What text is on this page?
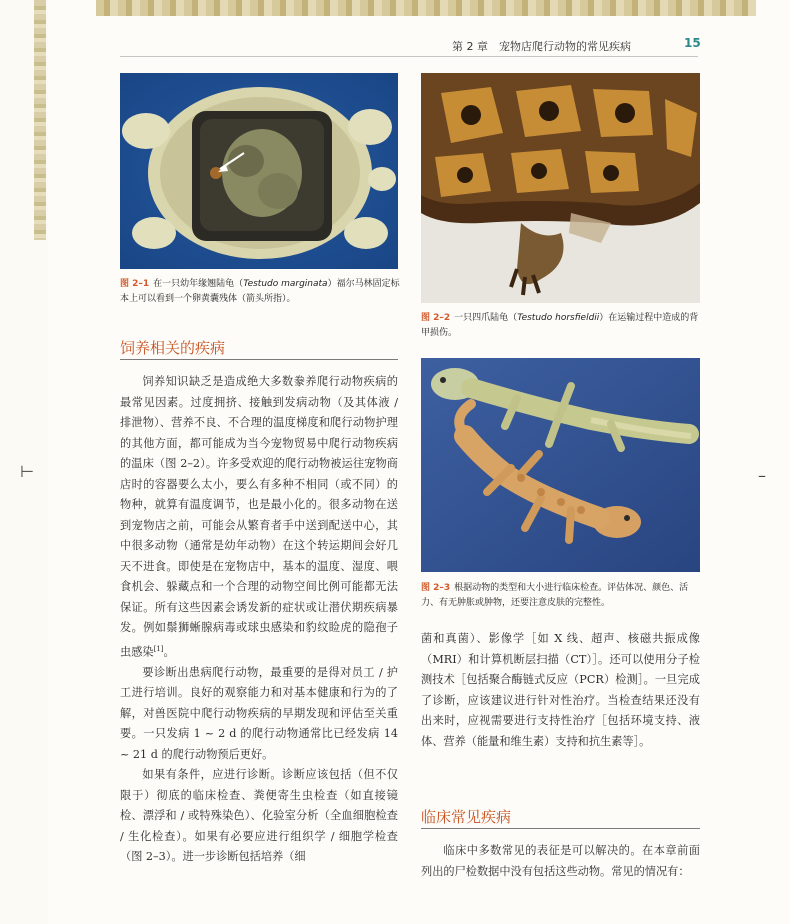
⊢	–
第 2 章　宠物店爬行动物的常见疾病	15
图 2–1 在一只幼年缘翘陆龟（Testudo marginata）福尔马林固定标本上可以看到一个卵黄囊残体（箭头所指）。
图 2–2 一只四爪陆龟（Testudo horsfieldii）在运输过程中造成的背甲损伤。
图 2–3 根据动物的类型和大小进行临床检查。评估体况、颜色、活力、有无肿胀或肿物，还要注意皮肤的完整性。
饲养相关的疾病

饲养知识缺乏是造成绝大多数豢养爬行动物疾病的最常见因素。过度拥挤、接触到发病动物（及其体液 / 排泄物）、营养不良、不合理的温度梯度和爬行动物护理的其他方面，都可能成为当今宠物贸易中爬行动物疾病的温床（图 2–2）。许多受欢迎的爬行动物被运往宠物商店时的容器要么太小，要么有多种不相同（或不同）的物种，就算有温度调节，也是最小化的。很多动物在送到宠物店之前，可能会从繁育者手中送到配送中心，其中很多动物（通常是幼年动物）在这个转运期间会好几天不进食。即使是在宠物店中，基本的温度、湿度、喂食机会、躲藏点和一个合理的动物空间比例可能都无法保证。所有这些因素会诱发新的症状或让潜伏期疾病暴发。例如鬃狮蜥腺病毒或球虫感染和豹纹睑虎的隐孢子虫感染[1]。

要诊断出患病爬行动物，最重要的是得对员工 / 护工进行培训。良好的观察能力和对基本健康和行为的了解，对兽医院中爬行动物疾病的早期发现和评估至关重要。一只发病 1 ~ 2 d 的爬行动物通常比已经发病 14 ~ 21 d 的爬行动物预后更好。

如果有条件，应进行诊断。诊断应该包括（但不仅限于）彻底的临床检查、粪便寄生虫检查（如直接镜检、漂浮和 / 或特殊染色）、化验室分析（全血细胞检查 / 生化检查）。如果有必要应进行组织学 / 细胞学检查（图 2–3）。进一步诊断包括培养（细

菌和真菌）、影像学［如 X 线、超声、核磁共振成像（MRI）和计算机断层扫描（CT）］。还可以使用分子检测技术［包括聚合酶链式反应（PCR）检测］。一旦完成了诊断，应该建议进行针对性治疗。当检查结果还没有出来时，应视需要进行支持性治疗［包括环境支持、液体、营养（能量和维生素）支持和抗生素等］。

临床常见疾病

临床中多数常见的表征是可以解决的。在本章前面列出的尸检数据中没有包括这些动物。常见的情况有：
